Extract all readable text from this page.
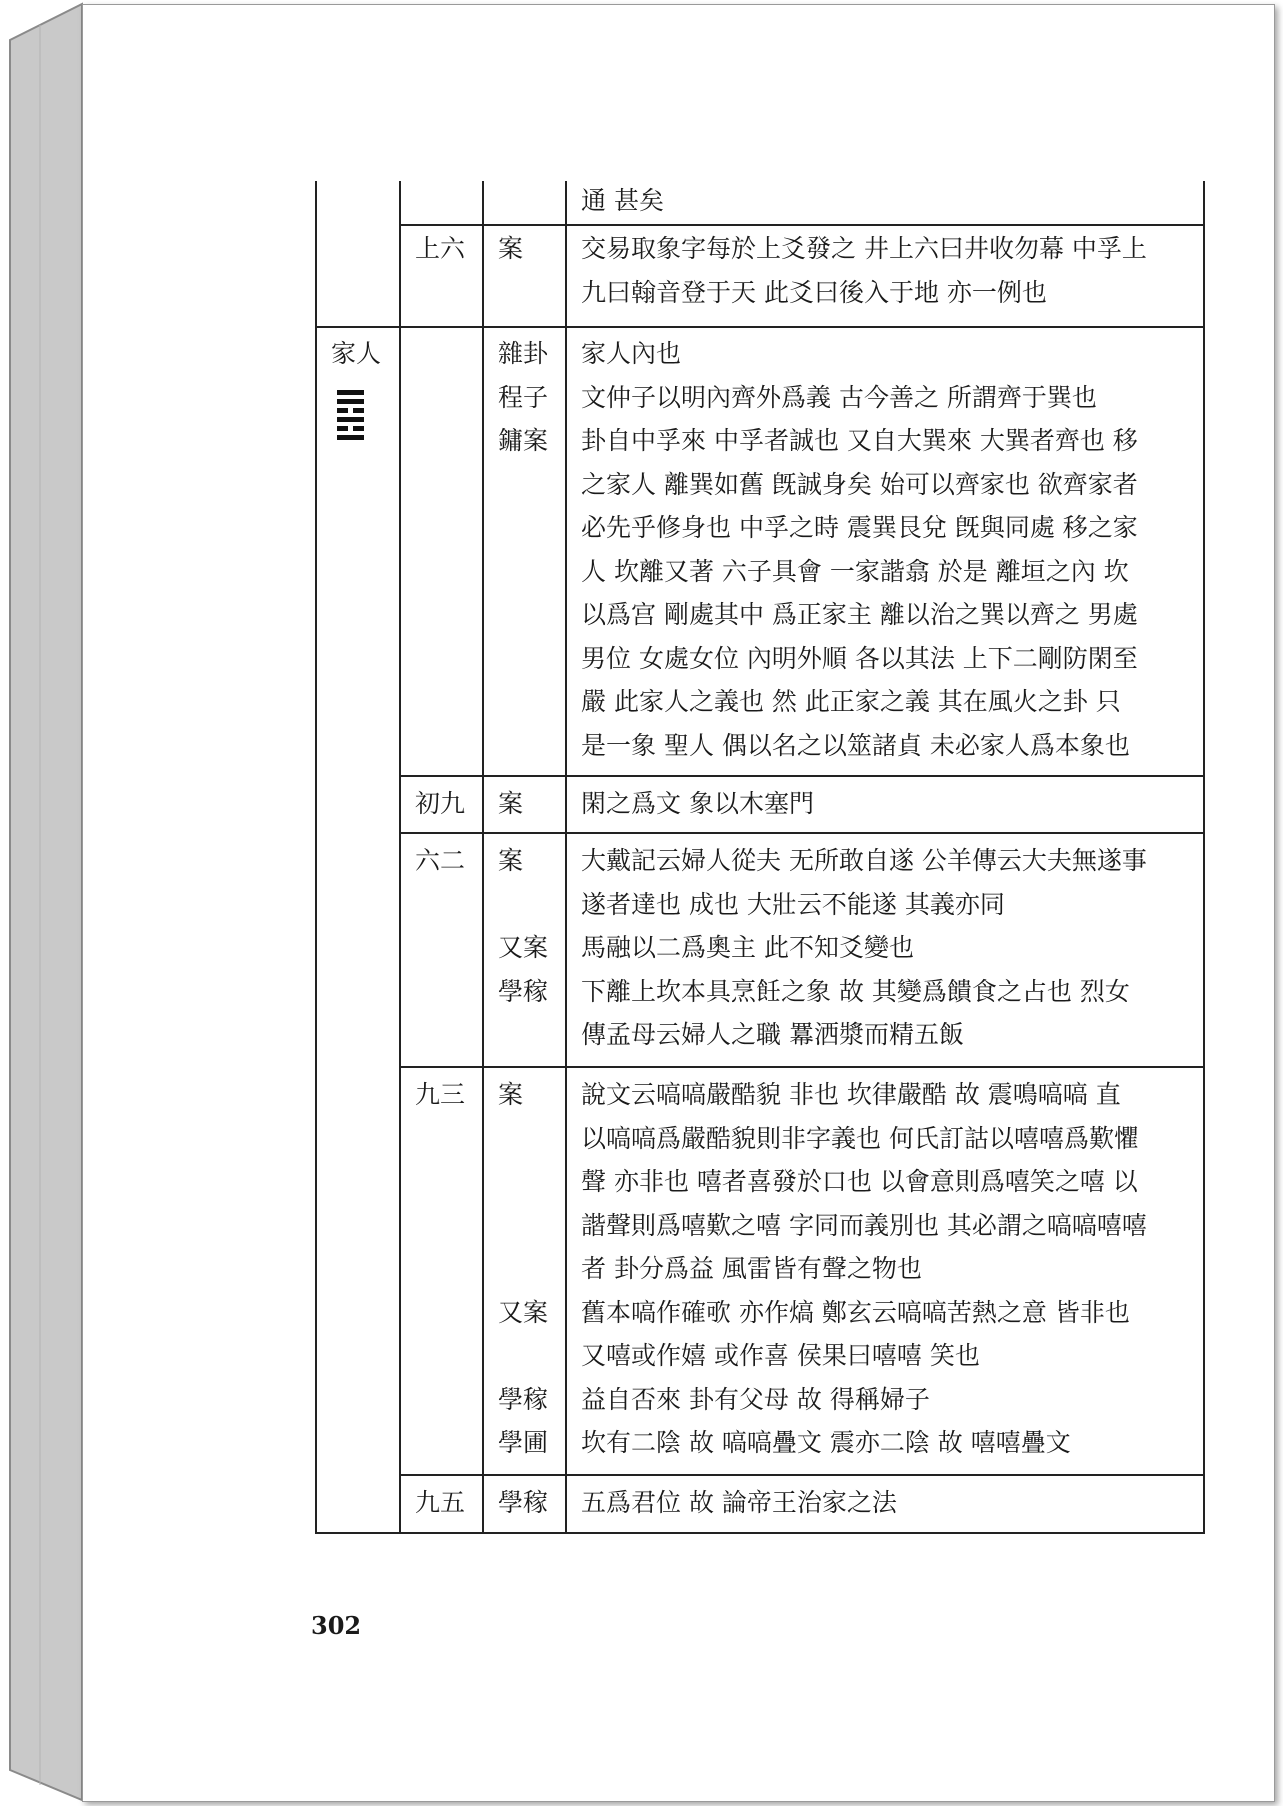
通 甚矣
上六 案 交易取象字每於上爻發之 井上六曰井收勿幕 中孚上
九曰翰音登于天 此爻曰後入于地 亦一例也
家人	雜卦
程子
鏞案
家人內也
文仲子以明內齊外爲義 古今善之 所謂齊于巽也
卦自中孚來 中孚者誠也 又自大巽來 大巽者齊也 移
之家人 離巽如舊 旣誠身矣 始可以齊家也 欲齊家者
必先乎修身也 中孚之時 震巽艮兌 旣與同處 移之家
人 坎離又著 六子具會 一家諧翕 於是 離垣之內 坎
以爲宫 剛處其中 爲正家主 離以治之巽以齊之 男處
男位 女處女位 內明外順 各以其法 上下二剛防閑至
嚴 此家人之義也 然 此正家之義 其在風火之卦 只
是一象 聖人 偶以名之以筮諸貞 未必家人爲本象也
初九 案 閑之爲文 象以木塞門
六二 案
又案
學稼
大戴記云婦人從夫 无所敢自遂 公羊傳云大夫無遂事
遂者達也 成也 大壯云不能遂 其義亦同
馬融以二爲奧主 此不知爻變也
下離上坎本具烹飪之象 故 其變爲饋食之占也 烈女
傳孟母云婦人之職 羃洒漿而精五飯
九三 案
又案
學稼
學圃
說文云嗃嗃嚴酷貌 非也 坎律嚴酷 故 震鳴嗃嗃 直
以嗃嗃爲嚴酷貌則非字義也 何氏訂詁以嘻嘻爲歎懼
聲 亦非也 嘻者喜發於口也 以會意則爲嘻笑之嘻 以
諧聲則爲嘻歎之嘻 字同而義別也 其必謂之嗃嗃嘻嘻
者 卦分爲益 風雷皆有聲之物也
舊本嗃作確㰤 亦作熇 鄭玄云嗃嗃苦熱之意 皆非也
又嘻或作嬉 或作喜 侯果曰嘻嘻 笑也
益自否來 卦有父母 故 得稱婦子
坎有二陰 故 嗃嗃疊文 震亦二陰 故 嘻嘻疊文
九五 學稼 五爲君位 故 論帝王治家之法
302
